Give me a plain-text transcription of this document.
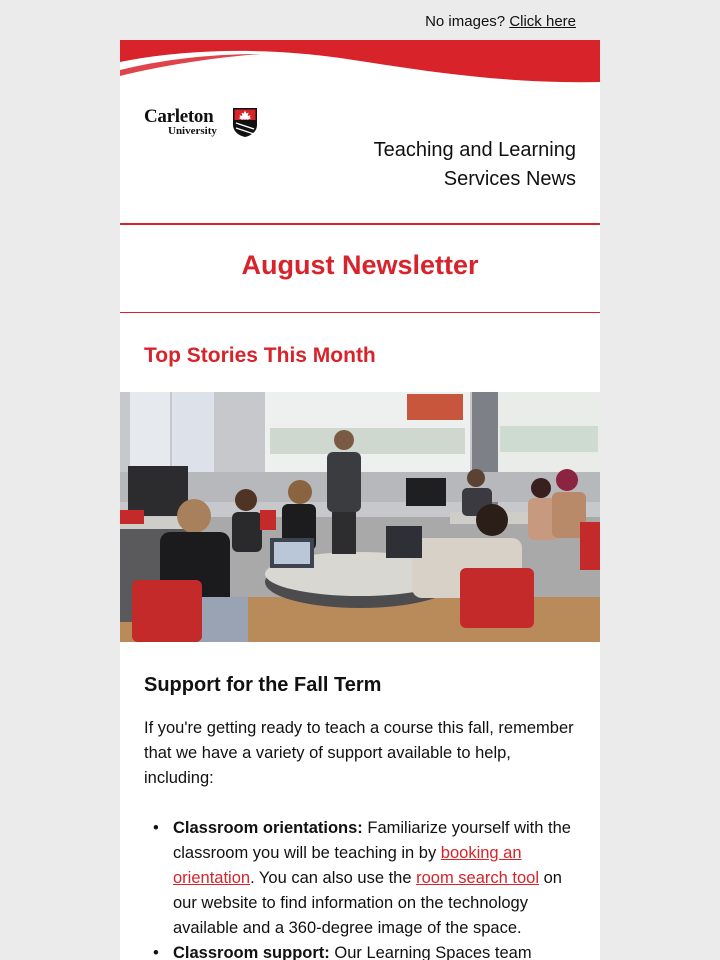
No images? Click here
Carleton
University
Teaching and Learning Services News
August Newsletter
Top Stories This Month
Support for the Fall Term

If you're getting ready to teach a course this fall, remember that we have a variety of support available to help, including:

• Classroom orientations: Familiarize yourself with the classroom you will be teaching in by booking an orientation. You can also use the room search tool on our website to find information on the technology available and a 360-degree image of the space.
• Classroom support: Our Learning Spaces team
